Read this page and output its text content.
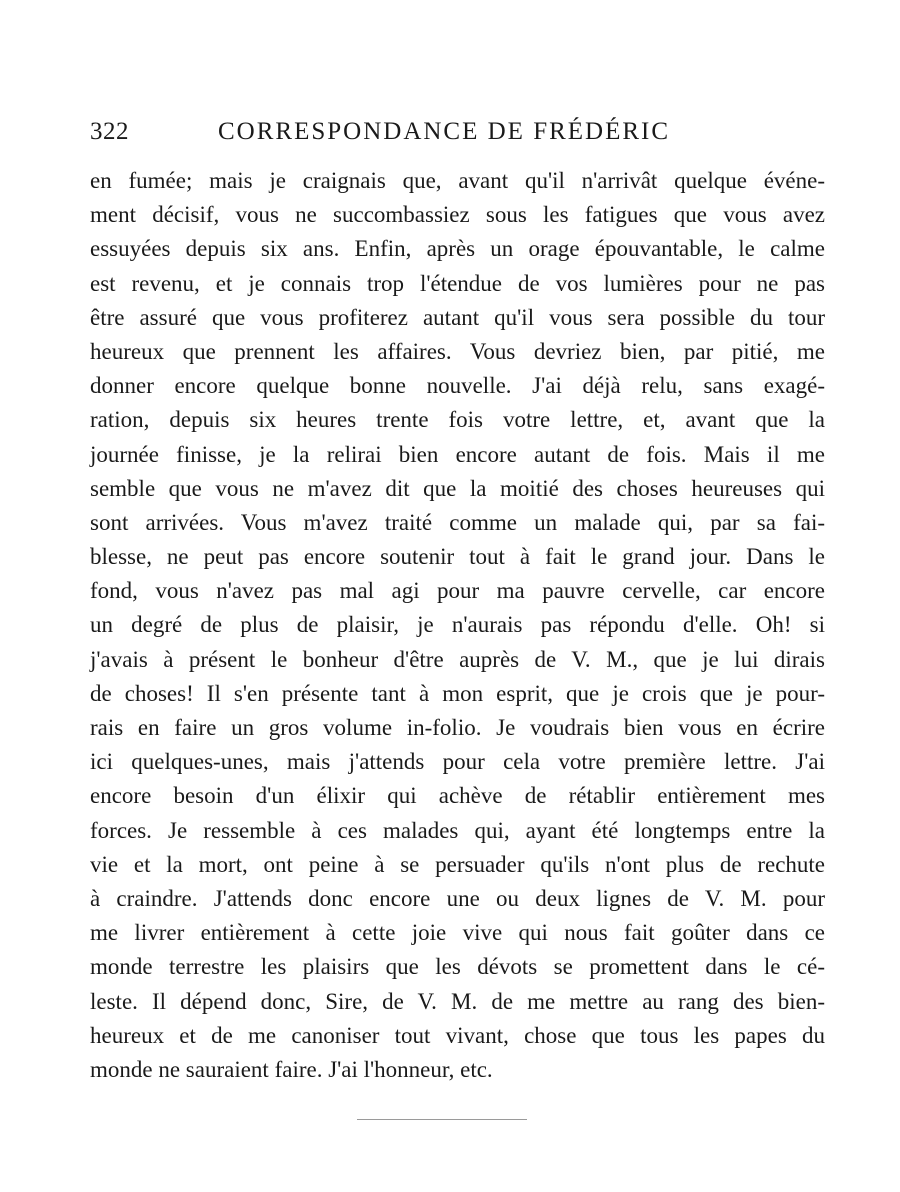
322	CORRESPONDANCE DE FRÉDÉRIC
en fumée; mais je craignais que, avant qu'il n'arrivât quelque événe-
ment décisif, vous ne succombassiez sous les fatigues que vous avez
essuyées depuis six ans. Enfin, après un orage épouvantable, le calme
est revenu, et je connais trop l'étendue de vos lumières pour ne pas
être assuré que vous profiterez autant qu'il vous sera possible du tour
heureux que prennent les affaires. Vous devriez bien, par pitié, me
donner encore quelque bonne nouvelle. J'ai déjà relu, sans exagé-
ration, depuis six heures trente fois votre lettre, et, avant que la
journée finisse, je la relirai bien encore autant de fois. Mais il me
semble que vous ne m'avez dit que la moitié des choses heureuses qui
sont arrivées. Vous m'avez traité comme un malade qui, par sa fai-
blesse, ne peut pas encore soutenir tout à fait le grand jour. Dans le
fond, vous n'avez pas mal agi pour ma pauvre cervelle, car encore
un degré de plus de plaisir, je n'aurais pas répondu d'elle. Oh! si
j'avais à présent le bonheur d'être auprès de V. M., que je lui dirais
de choses! Il s'en présente tant à mon esprit, que je crois que je pour-
rais en faire un gros volume in-folio. Je voudrais bien vous en écrire
ici quelques-unes, mais j'attends pour cela votre première lettre. J'ai
encore besoin d'un élixir qui achève de rétablir entièrement mes
forces. Je ressemble à ces malades qui, ayant été longtemps entre la
vie et la mort, ont peine à se persuader qu'ils n'ont plus de rechute
à craindre. J'attends donc encore une ou deux lignes de V. M. pour
me livrer entièrement à cette joie vive qui nous fait goûter dans ce
monde terrestre les plaisirs que les dévots se promettent dans le cé-
leste. Il dépend donc, Sire, de V. M. de me mettre au rang des bien-
heureux et de me canoniser tout vivant, chose que tous les papes du
monde ne sauraient faire. J'ai l'honneur, etc.
